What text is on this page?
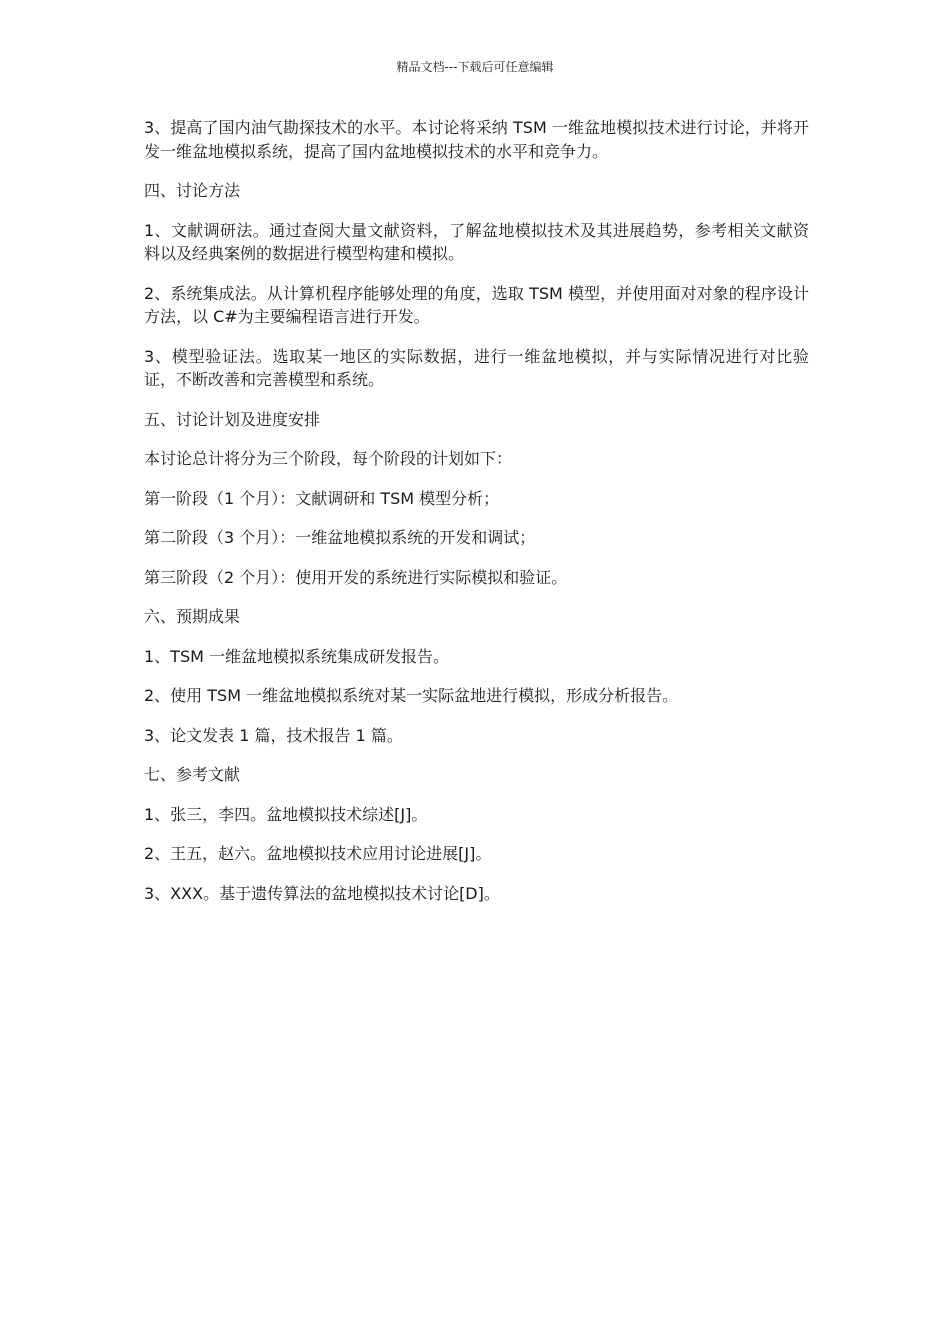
精品文档---下载后可任意编辑

3、提高了国内油气勘探技术的水平。本讨论将采纳 TSM 一维盆地模拟技术进行讨论，并将开发一维盆地模拟系统，提高了国内盆地模拟技术的水平和竞争力。

四、讨论方法

1、文献调研法。通过查阅大量文献资料，了解盆地模拟技术及其进展趋势，参考相关文献资料以及经典案例的数据进行模型构建和模拟。

2、系统集成法。从计算机程序能够处理的角度，选取 TSM 模型，并使用面对对象的程序设计方法，以 C#为主要编程语言进行开发。

3、模型验证法。选取某一地区的实际数据，进行一维盆地模拟，并与实际情况进行对比验证，不断改善和完善模型和系统。

五、讨论计划及进度安排

本讨论总计将分为三个阶段，每个阶段的计划如下：

第一阶段（1 个月）：文献调研和 TSM 模型分析；

第二阶段（3 个月）：一维盆地模拟系统的开发和调试；

第三阶段（2 个月）：使用开发的系统进行实际模拟和验证。

六、预期成果

1、TSM 一维盆地模拟系统集成研发报告。

2、使用 TSM 一维盆地模拟系统对某一实际盆地进行模拟，形成分析报告。

3、论文发表 1 篇，技术报告 1 篇。

七、参考文献

1、张三，李四。盆地模拟技术综述[J]。

2、王五，赵六。盆地模拟技术应用讨论进展[J]。

3、XXX。基于遗传算法的盆地模拟技术讨论[D]。
